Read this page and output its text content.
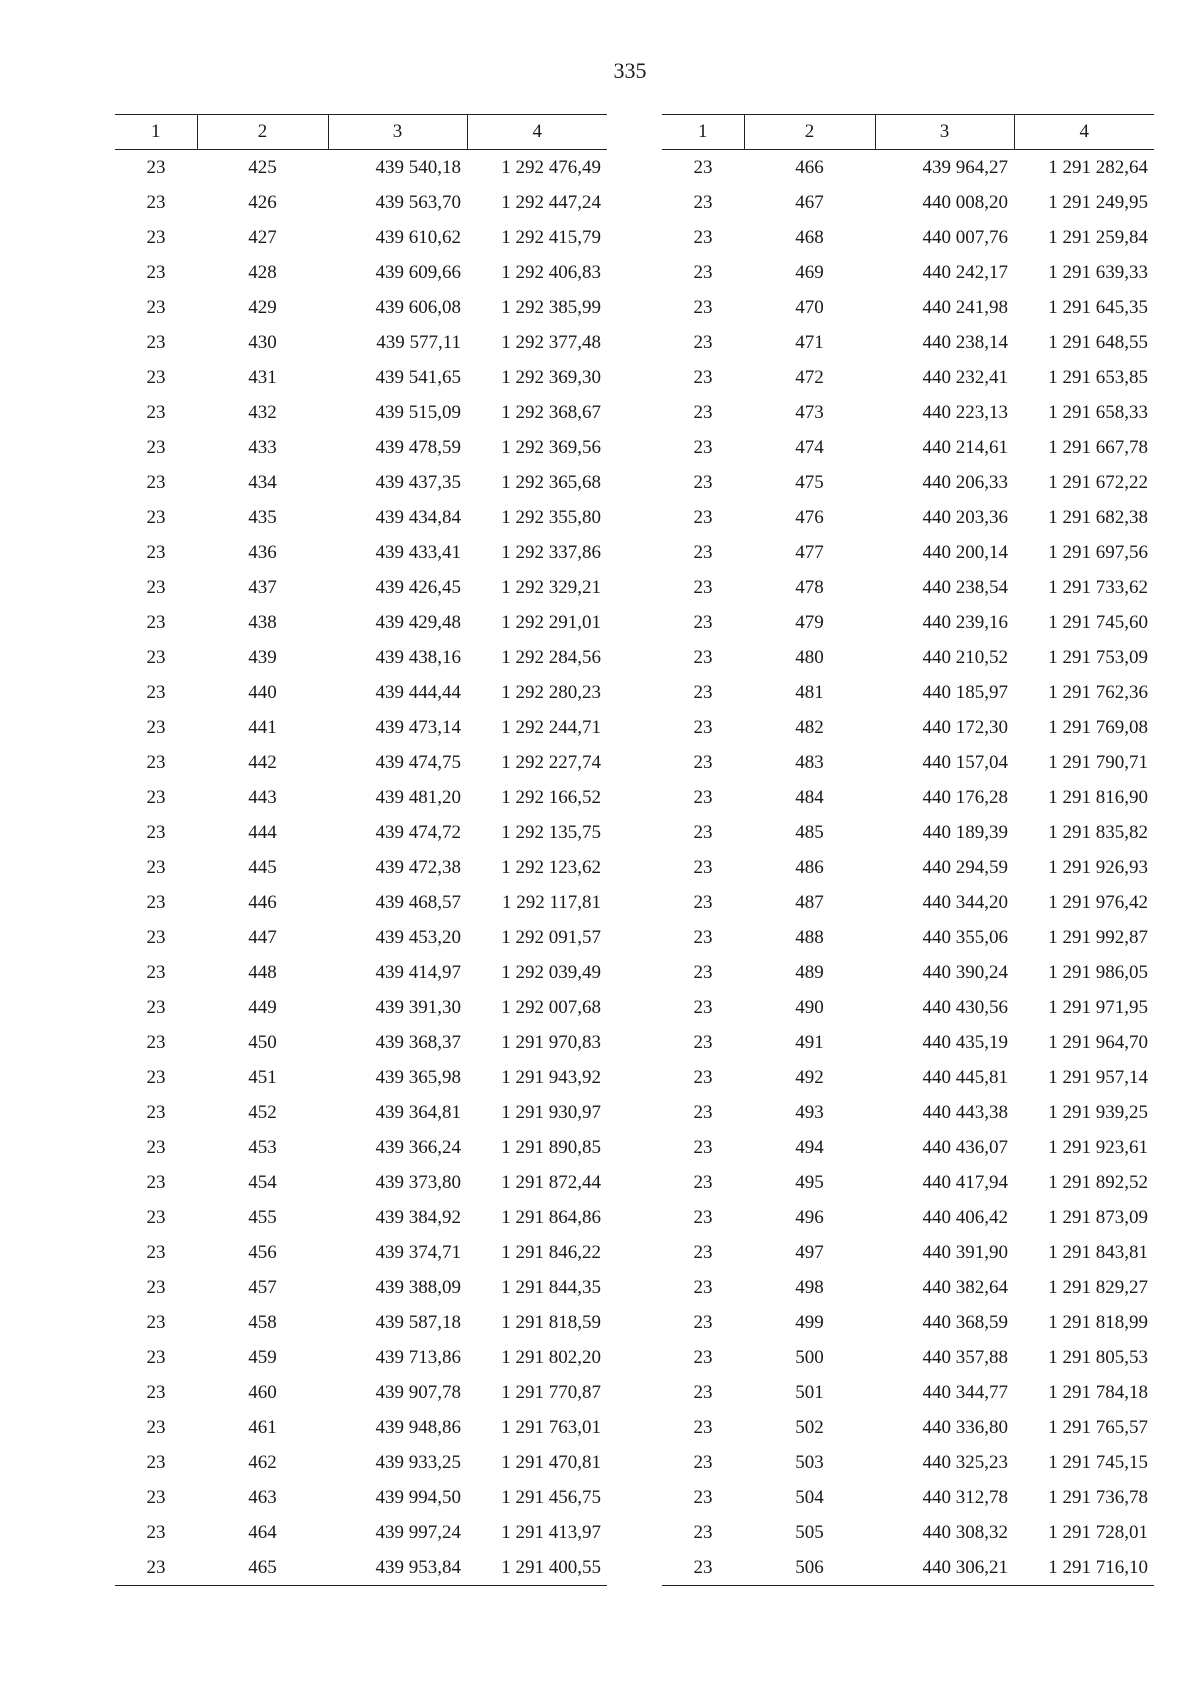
335
1	2	3	4
23	425	439 540,18	1 292 476,49
23	426	439 563,70	1 292 447,24
23	427	439 610,62	1 292 415,79
23	428	439 609,66	1 292 406,83
23	429	439 606,08	1 292 385,99
23	430	439 577,11	1 292 377,48
23	431	439 541,65	1 292 369,30
23	432	439 515,09	1 292 368,67
23	433	439 478,59	1 292 369,56
23	434	439 437,35	1 292 365,68
23	435	439 434,84	1 292 355,80
23	436	439 433,41	1 292 337,86
23	437	439 426,45	1 292 329,21
23	438	439 429,48	1 292 291,01
23	439	439 438,16	1 292 284,56
23	440	439 444,44	1 292 280,23
23	441	439 473,14	1 292 244,71
23	442	439 474,75	1 292 227,74
23	443	439 481,20	1 292 166,52
23	444	439 474,72	1 292 135,75
23	445	439 472,38	1 292 123,62
23	446	439 468,57	1 292 117,81
23	447	439 453,20	1 292 091,57
23	448	439 414,97	1 292 039,49
23	449	439 391,30	1 292 007,68
23	450	439 368,37	1 291 970,83
23	451	439 365,98	1 291 943,92
23	452	439 364,81	1 291 930,97
23	453	439 366,24	1 291 890,85
23	454	439 373,80	1 291 872,44
23	455	439 384,92	1 291 864,86
23	456	439 374,71	1 291 846,22
23	457	439 388,09	1 291 844,35
23	458	439 587,18	1 291 818,59
23	459	439 713,86	1 291 802,20
23	460	439 907,78	1 291 770,87
23	461	439 948,86	1 291 763,01
23	462	439 933,25	1 291 470,81
23	463	439 994,50	1 291 456,75
23	464	439 997,24	1 291 413,97
23	465	439 953,84	1 291 400,55
1	2	3	4
23	466	439 964,27	1 291 282,64
23	467	440 008,20	1 291 249,95
23	468	440 007,76	1 291 259,84
23	469	440 242,17	1 291 639,33
23	470	440 241,98	1 291 645,35
23	471	440 238,14	1 291 648,55
23	472	440 232,41	1 291 653,85
23	473	440 223,13	1 291 658,33
23	474	440 214,61	1 291 667,78
23	475	440 206,33	1 291 672,22
23	476	440 203,36	1 291 682,38
23	477	440 200,14	1 291 697,56
23	478	440 238,54	1 291 733,62
23	479	440 239,16	1 291 745,60
23	480	440 210,52	1 291 753,09
23	481	440 185,97	1 291 762,36
23	482	440 172,30	1 291 769,08
23	483	440 157,04	1 291 790,71
23	484	440 176,28	1 291 816,90
23	485	440 189,39	1 291 835,82
23	486	440 294,59	1 291 926,93
23	487	440 344,20	1 291 976,42
23	488	440 355,06	1 291 992,87
23	489	440 390,24	1 291 986,05
23	490	440 430,56	1 291 971,95
23	491	440 435,19	1 291 964,70
23	492	440 445,81	1 291 957,14
23	493	440 443,38	1 291 939,25
23	494	440 436,07	1 291 923,61
23	495	440 417,94	1 291 892,52
23	496	440 406,42	1 291 873,09
23	497	440 391,90	1 291 843,81
23	498	440 382,64	1 291 829,27
23	499	440 368,59	1 291 818,99
23	500	440 357,88	1 291 805,53
23	501	440 344,77	1 291 784,18
23	502	440 336,80	1 291 765,57
23	503	440 325,23	1 291 745,15
23	504	440 312,78	1 291 736,78
23	505	440 308,32	1 291 728,01
23	506	440 306,21	1 291 716,10
